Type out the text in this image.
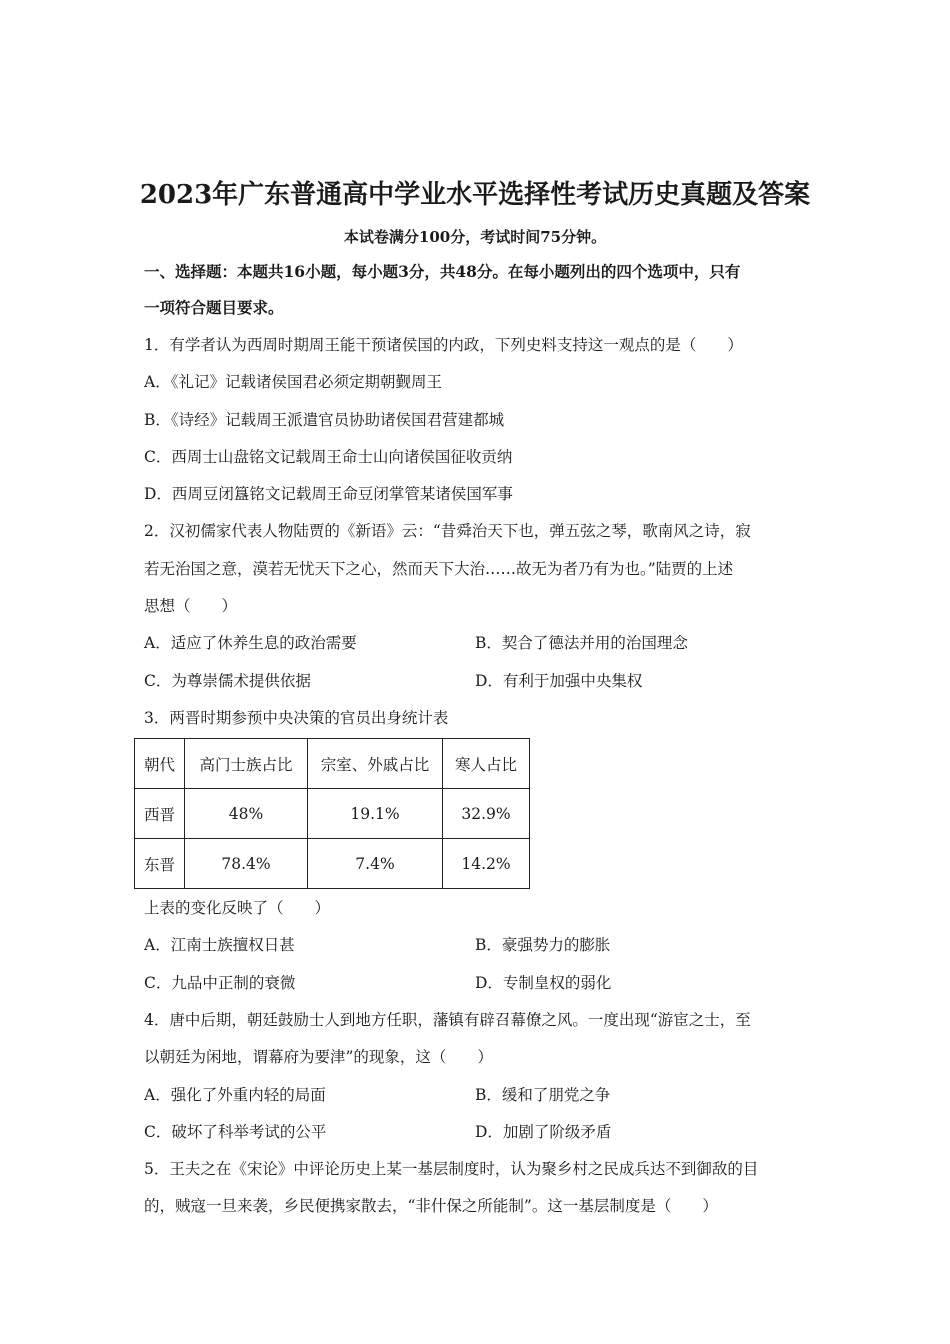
2023年广东普通高中学业水平选择性考试历史真题及答案
本试卷满分100分，考试时间75分钟。
一、选择题：本题共16小题，每小题3分，共48分。在每小题列出的四个选项中，只有
一项符合题目要求。
1．有学者认为西周时期周王能干预诸侯国的内政，下列史料支持这一观点的是（　　）
A．《礼记》记载诸侯国君必须定期朝觐周王
B．《诗经》记载周王派遣官员协助诸侯国君营建都城
C．西周士山盘铭文记载周王命士山向诸侯国征收贡纳
D．西周豆闭簋铭文记载周王命豆闭掌管某诸侯国军事
2．汉初儒家代表人物陆贾的《新语》云：“昔舜治天下也，弹五弦之琴，歌南风之诗，寂
若无治国之意，漠若无忧天下之心，然而天下大治……故无为者乃有为也。”陆贾的上述
思想（　　）
A．适应了休养生息的政治需要	B．契合了德法并用的治国理念
C．为尊崇儒术提供依据	D．有利于加强中央集权
3．两晋时期参预中央决策的官员出身统计表
朝代	高门士族占比	宗室、外戚占比	寒人占比
西晋	48%	19.1%	32.9%
东晋	78.4%	7.4%	14.2%
上表的变化反映了（　　）
A．江南士族擅权日甚	B．豪强势力的膨胀
C．九品中正制的衰微	D．专制皇权的弱化
4．唐中后期，朝廷鼓励士人到地方任职，藩镇有辟召幕僚之风。一度出现“游宦之士，至
以朝廷为闲地，谓幕府为要津”的现象，这（　　）
A．强化了外重内轻的局面	B．缓和了朋党之争
C．破坏了科举考试的公平	D．加剧了阶级矛盾
5．王夫之在《宋论》中评论历史上某一基层制度时，认为聚乡村之民成兵达不到御敌的目
的，贼寇一旦来袭，乡民便携家散去，“非什保之所能制”。这一基层制度是（　　）
